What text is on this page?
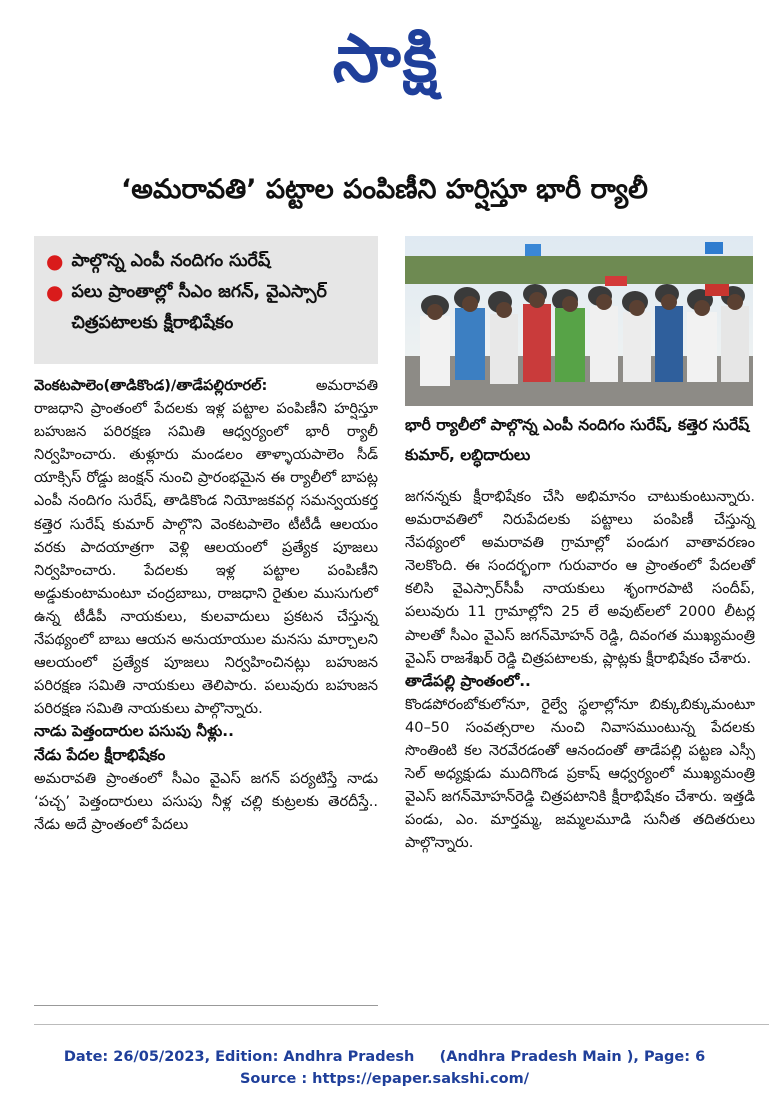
సాక్షి
‘అమరావతి’ పట్టాల పంపిణీని హర్షిస్తూ భారీ ర్యాలీ
● పాల్గొన్న ఎంపీ నందిగం సురేష్
● పలు ప్రాంతాల్లో సీఎం జగన్, వైఎస్సార్ చిత్రపటాలకు క్షీరాభిషేకం
భారీ ర్యాలీలో పాల్గొన్న ఎంపీ నందిగం సురేష్, కత్తెర సురేష్ కుమార్, లబ్ధిదారులు

వెంకటపాలెం(తాడికొండ)/తాడేపల్లిరూరల్:	అమరావతి రాజధాని ప్రాంతంలో పేదలకు ఇళ్ల పట్టాల పంపిణీని హర్షిస్తూ బహుజన పరిరక్షణ సమితి ఆధ్వర్యంలో భారీ ర్యాలీ నిర్వహించారు. తుళ్లూరు మండలం తాళ్ళాయపాలెం సీడ్ యాక్సిస్ రోడ్డు జంక్షన్ నుంచి ప్రారంభమైన ఈ ర్యాలీలో బాపట్ల ఎంపీ నందిగం సురేష్, తాడికొండ నియోజకవర్గ సమన్వయకర్త కత్తెర సురేష్ కుమార్ పాల్గొని వెంకటపాలెం టీటీడీ ఆలయం వరకు పాదయాత్రగా వెళ్లి ఆలయంలో ప్రత్యేక పూజలు నిర్వహించారు. పేదలకు ఇళ్ల పట్టాల పంపిణీని అడ్డుకుంటామంటూ చంద్రబాబు, రాజధాని రైతుల ముసుగులో ఉన్న టీడీపీ నాయకులు, కులవాదులు ప్రకటన చేస్తున్న నేపథ్యంలో బాబు ఆయన అనుయాయుల మనసు మార్చాలని ఆలయంలో ప్రత్యేక పూజలు నిర్వహించినట్లు బహుజన పరిరక్షణ సమితి నాయకులు తెలిపారు. పలువురు బహుజన పరిరక్షణ సమితి నాయకులు పాల్గొన్నారు.

నాడు పెత్తందారుల పసుపు నీళ్లు..

నేడు పేదల క్షీరాభిషేకం

అమరావతి ప్రాంతంలో సీఎం వైఎస్ జగన్ పర్యటిస్తే నాడు ‘పచ్చ’ పెత్తందారులు పసుపు నీళ్ల చల్లి కుట్రలకు తెరదీస్తే.. నేడు అదే ప్రాంతంలో పేదలు

జగనన్నకు క్షీరాభిషేకం చేసి అభిమానం చాటుకుంటున్నారు. అమరావతిలో నిరుపేదలకు పట్టాలు పంపిణీ చేస్తున్న నేపథ్యంలో అమరావతి గ్రామాల్లో పండుగ వాతావరణం నెలకొంది. ఈ సందర్భంగా గురువారం ఆ ప్రాంతంలో పేదలతో కలిసి వైఎస్సార్‌సీపీ నాయకులు శృంగారపాటి సందీప్, పలువురు 11 గ్రామాల్లోని 25 లే అవుట్‌లలో 2000 లీటర్ల పాలతో సీఎం వైఎస్ జగన్‌మోహన్ రెడ్డి, దివంగత ముఖ్యమంత్రి వైఎస్ రాజశేఖర్ రెడ్డి చిత్రపటాలకు, ప్లాట్లకు క్షీరాభిషేకం చేశారు.

తాడేపల్లి ప్రాంతంలో..

కొండపోరంబోకులోనూ, రైల్వే స్థలాల్లోనూ బిక్కుబిక్కుమంటూ 40–50 సంవత్సరాల నుంచి నివాసముంటున్న పేదలకు సొంతింటి కల నెరవేరడంతో ఆనందంతో తాడేపల్లి పట్టణ ఎస్సీ సెల్ అధ్యక్షుడు ముదిగొండ ప్రకాష్ ఆధ్వర్యంలో ముఖ్యమంత్రి వైఎస్ జగన్‌మోహన్‌రెడ్డి చిత్రపటానికి క్షీరాభిషేకం చేశారు. ఇత్తడి పండు, ఎం. మార్తమ్మ, జమ్మలమూడి సునీత తదితరులు పాల్గొన్నారు.

Date: 26/05/2023, Edition: Andhra Pradesh     (Andhra Pradesh Main ), Page: 6
Source : https://epaper.sakshi.com/
